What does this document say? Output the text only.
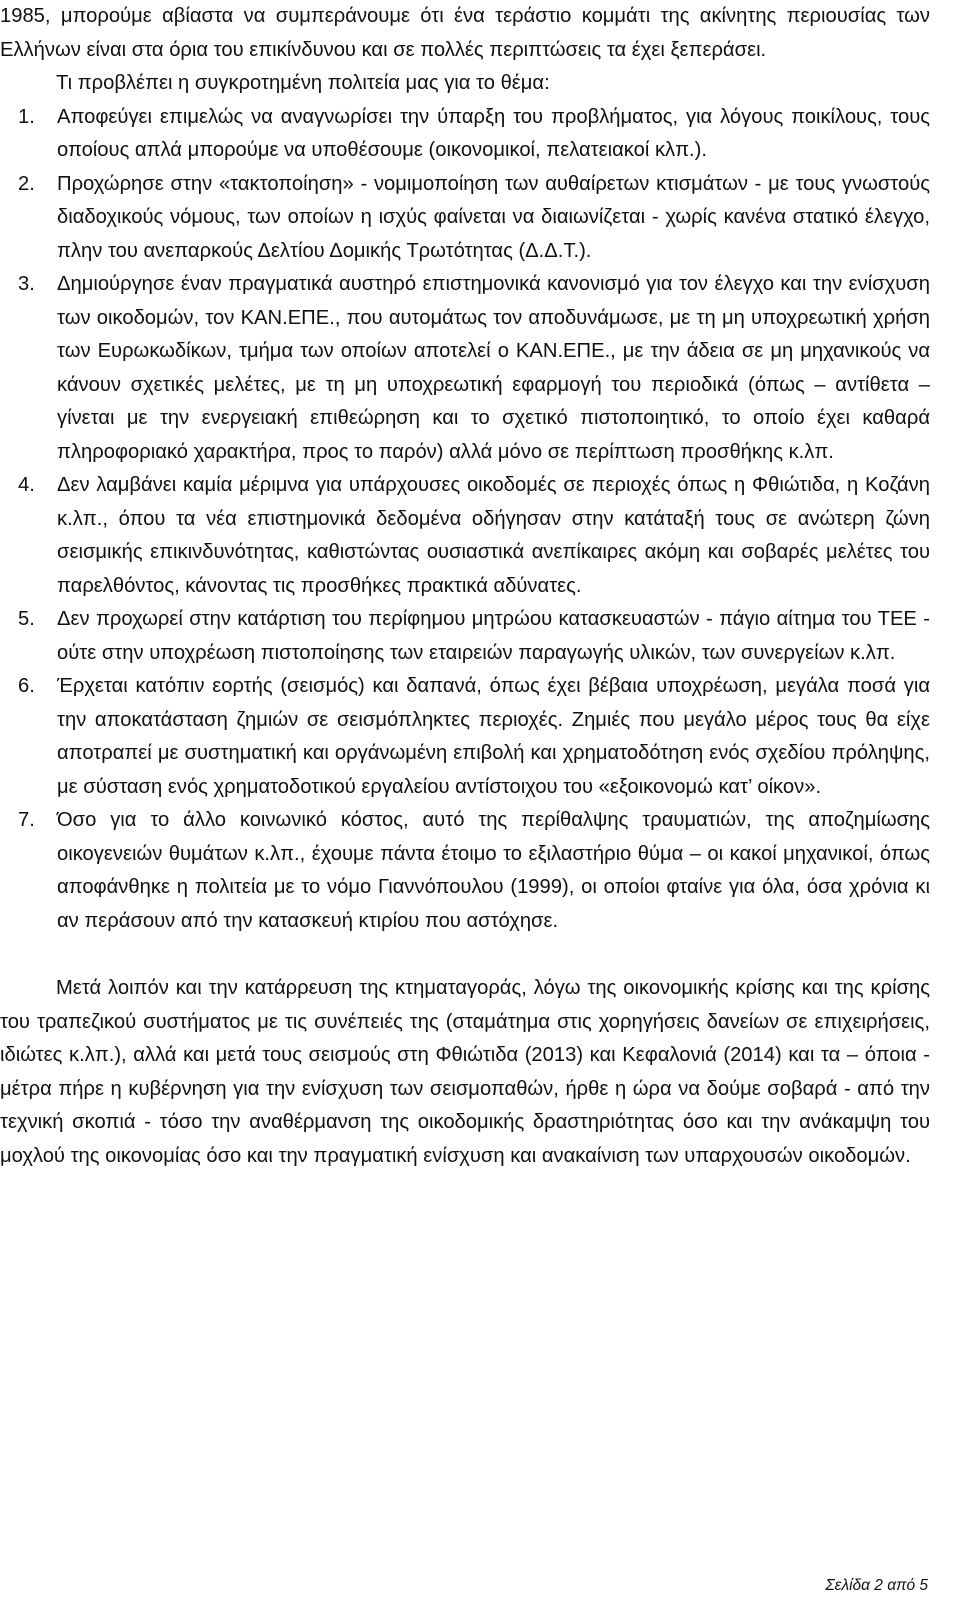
1985, μπορούμε αβίαστα να συμπεράνουμε ότι ένα τεράστιο κομμάτι της ακίνητης περιουσίας των Ελλήνων είναι στα όρια του επικίνδυνου και σε πολλές περιπτώσεις τα έχει ξεπεράσει.

Τι προβλέπει η συγκροτημένη πολιτεία μας για το θέμα:

1. Αποφεύγει επιμελώς να αναγνωρίσει την ύπαρξη του προβλήματος, για λόγους ποικίλους, τους οποίους απλά μπορούμε να υποθέσουμε (οικονομικοί, πελατειακοί κλπ.).
2. Προχώρησε στην «τακτοποίηση» - νομιμοποίηση των αυθαίρετων κτισμάτων - με τους γνωστούς διαδοχικούς νόμους, των οποίων η ισχύς φαίνεται να διαιωνίζεται - χωρίς κανένα στατικό έλεγχο, πλην του ανεπαρκούς Δελτίου Δομικής Τρωτότητας (Δ.Δ.Τ.).
3. Δημιούργησε έναν πραγματικά αυστηρό επιστημονικά κανονισμό για τον έλεγχο και την ενίσχυση των οικοδομών, τον ΚΑΝ.ΕΠΕ., που αυτομάτως τον αποδυνάμωσε, με τη μη υποχρεωτική χρήση των Ευρωκωδίκων, τμήμα των οποίων αποτελεί ο ΚΑΝ.ΕΠΕ., με την άδεια σε μη μηχανικούς να κάνουν σχετικές μελέτες, με τη μη υποχρεωτική εφαρμογή του περιοδικά (όπως – αντίθετα – γίνεται με την ενεργειακή επιθεώρηση και το σχετικό πιστοποιητικό, το οποίο έχει καθαρά πληροφοριακό χαρακτήρα, προς το παρόν) αλλά μόνο σε περίπτωση προσθήκης κ.λπ.
4. Δεν λαμβάνει καμία μέριμνα για υπάρχουσες οικοδομές σε περιοχές όπως η Φθιώτιδα, η Κοζάνη κ.λπ., όπου τα νέα επιστημονικά δεδομένα οδήγησαν στην κατάταξή τους σε ανώτερη ζώνη σεισμικής επικινδυνότητας, καθιστώντας ουσιαστικά ανεπίκαιρες ακόμη και σοβαρές μελέτες του παρελθόντος, κάνοντας τις προσθήκες πρακτικά αδύνατες.
5. Δεν προχωρεί στην κατάρτιση του περίφημου μητρώου κατασκευαστών - πάγιο αίτημα του ΤΕΕ - ούτε στην υποχρέωση πιστοποίησης των εταιρειών παραγωγής υλικών, των συνεργείων κ.λπ.
6. Έρχεται κατόπιν εορτής (σεισμός) και δαπανά, όπως έχει βέβαια υποχρέωση, μεγάλα ποσά για την αποκατάσταση ζημιών σε σεισμόπληκτες περιοχές. Ζημιές που μεγάλο μέρος τους θα είχε αποτραπεί με συστηματική και οργάνωμένη επιβολή και χρηματοδότηση ενός σχεδίου πρόληψης, με σύσταση ενός χρηματοδοτικού εργαλείου αντίστοιχου του «εξοικονομώ κατ’ οίκον».
7. Όσο για το άλλο κοινωνικό κόστος, αυτό της περίθαλψης τραυματιών, της αποζημίωσης οικογενειών θυμάτων κ.λπ., έχουμε πάντα έτοιμο το εξιλαστήριο θύμα – οι κακοί μηχανικοί, όπως αποφάνθηκε η πολιτεία με το νόμο Γιαννόπουλου (1999), οι οποίοι φταίνε για όλα, όσα χρόνια κι αν περάσουν από την κατασκευή κτιρίου που αστόχησε.

Μετά λοιπόν και την κατάρρευση της κτηματαγοράς, λόγω της οικονομικής κρίσης και της κρίσης του τραπεζικού συστήματος με τις συνέπειές της (σταμάτημα στις χορηγήσεις δανείων σε επιχειρήσεις, ιδιώτες κ.λπ.), αλλά και μετά τους σεισμούς στη Φθιώτιδα (2013) και Κεφαλονιά (2014) και τα – όποια - μέτρα πήρε η κυβέρνηση για την ενίσχυση των σεισμοπαθών, ήρθε η ώρα να δούμε σοβαρά - από την τεχνική σκοπιά - τόσο την αναθέρμανση της οικοδομικής δραστηριότητας όσο και την ανάκαμψη του μοχλού της οικονομίας όσο και την πραγματική ενίσχυση και ανακαίνιση των υπαρχουσών οικοδομών.

Σελίδα 2 από 5
